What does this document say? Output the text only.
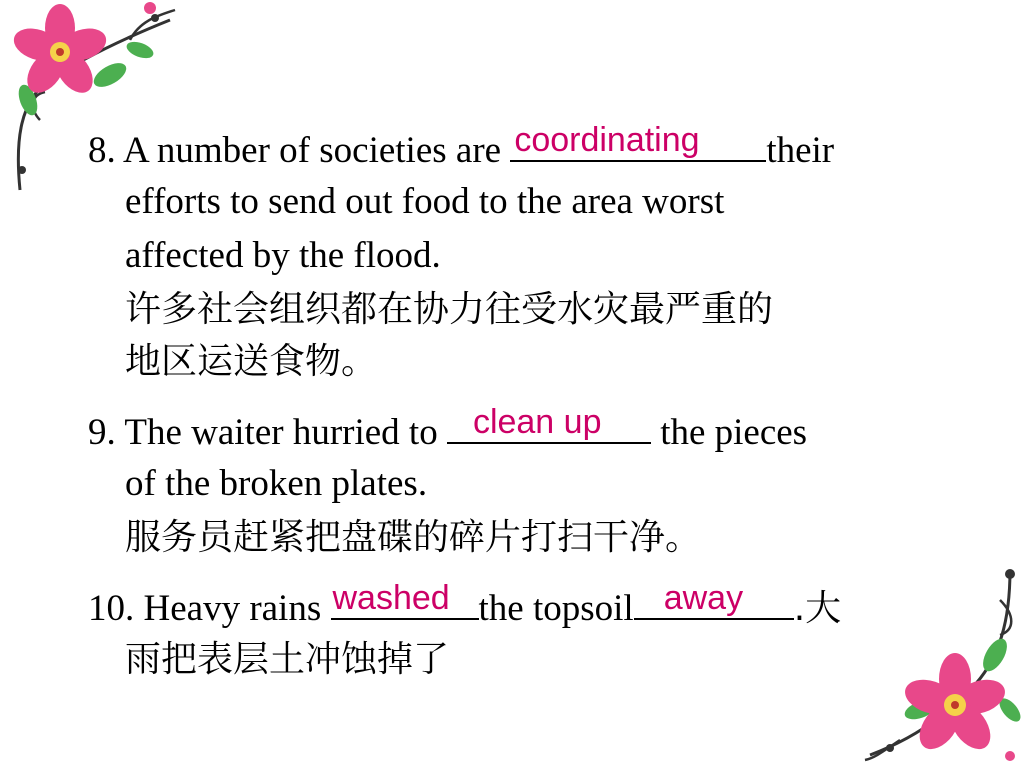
8. A number of societies are coordinating their
efforts to send out food to the area worst
affected by the flood.
许多社会组织都在协力往受水灾最严重的
地区运送食物。
9. The waiter hurried to clean up the pieces
of the broken plates.
服务员赶紧把盘碟的碎片打扫干净。
10. Heavy rains washed the topsoil away .大
雨把表层土冲蚀掉了
